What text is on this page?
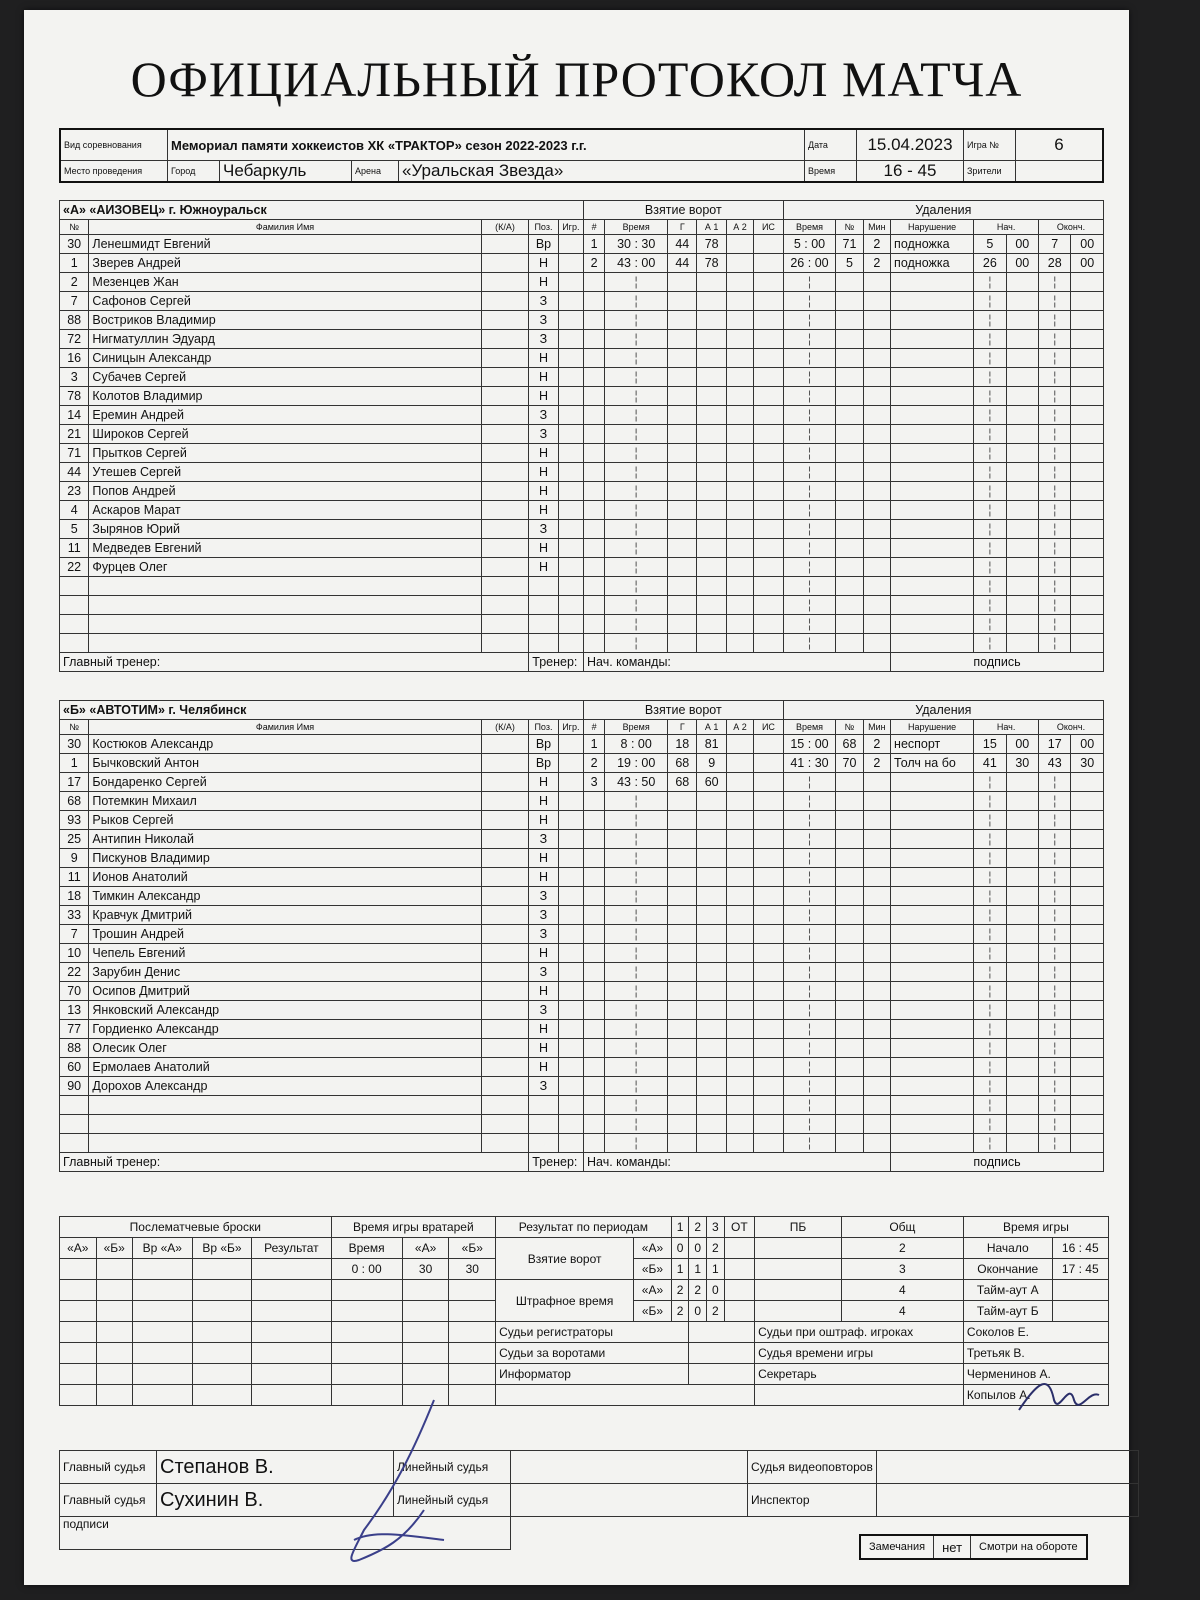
ОФИЦИАЛЬНЫЙ ПРОТОКОЛ МАТЧА
Вид соревнования	Мемориал памяти хоккеистов ХК «ТРАКТОР» сезон 2022-2023 г.г.				Дата	15.04.2023	Игра №	6
Место проведения	Город	Чебаркуль	Арена	«Уральская Звезда»	Время	16 - 45	Зрители	
«А» «АИЗОВЕЦ» г. Южноуральск					Взятие ворот						Удаления							
№	Фамилия Имя	(К/А)	Поз.	Игр.	#	Время	Г	А 1	А 2	ИС	Время	№	Мин	Нарушение	Нач.		Оконч.
30	Ленешмидт Евгений		Вр		1	30 : 30	44	78			5 : 00	71	2	подножка	5	00	7	00
1	Зверев Андрей		Н		2	43 : 00	44	78			26 : 00	5	2	подножка	26	00	28	00
2	Мезенцев Жан		Н			¦					¦				¦		¦	
7	Сафонов Сергей		З			¦					¦				¦		¦	
88	Востриков Владимир		З			¦					¦				¦		¦	
72	Нигматуллин Эдуард		З			¦					¦				¦		¦	
16	Синицын Александр		Н			¦					¦				¦		¦	
3	Субачев Сергей		Н			¦					¦				¦		¦	
78	Колотов Владимир		Н			¦					¦				¦		¦	
14	Еремин Андрей		З			¦					¦				¦		¦	
21	Широков Сергей		З			¦					¦				¦		¦	
71	Прытков Сергей		Н			¦					¦				¦		¦	
44	Утешев Сергей		Н			¦					¦				¦		¦	
23	Попов Андрей		Н			¦					¦				¦		¦	
4	Аскаров Марат		Н			¦					¦				¦		¦	
5	Зырянов Юрий		З			¦					¦				¦		¦	
11	Медведев Евгений		Н			¦					¦				¦		¦	
22	Фурцев Олег		Н			¦					¦				¦		¦	
						¦					¦				¦		¦	
						¦					¦				¦		¦	
						¦					¦				¦		¦	
						¦					¦				¦		¦	
Главный тренер:			Тренер:		Нач. команды:									подпись				
«Б» «АВТОТИМ» г. Челябинск					Взятие ворот						Удаления							
№	Фамилия Имя	(К/А)	Поз.	Игр.	#	Время	Г	А 1	А 2	ИС	Время	№	Мин	Нарушение	Нач.		Оконч.
30	Костюков Александр		Вр		1	8 : 00	18	81			15 : 00	68	2	неспорт	15	00	17	00
1	Бычковский Антон		Вр		2	19 : 00	68	9			41 : 30	70	2	Толч на бо	41	30	43	30
17	Бондаренко Сергей		Н		3	43 : 50	68	60			¦				¦		¦	
68	Потемкин Михаил		Н			¦					¦				¦		¦	
93	Рыков Сергей		Н			¦					¦				¦		¦	
25	Антипин Николай		З			¦					¦				¦		¦	
9	Пискунов Владимир		Н			¦					¦				¦		¦	
11	Ионов Анатолий		Н			¦					¦				¦		¦	
18	Тимкин Александр		З			¦					¦				¦		¦	
33	Кравчук Дмитрий		З			¦					¦				¦		¦	
7	Трошин Андрей		З			¦					¦				¦		¦	
10	Чепель Евгений		Н			¦					¦				¦		¦	
22	Зарубин Денис		З			¦					¦				¦		¦	
70	Осипов Дмитрий		Н			¦					¦				¦		¦	
13	Янковский Александр		З			¦					¦				¦		¦	
77	Гордиенко Александр		Н			¦					¦				¦		¦	
88	Олесик Олег		Н			¦					¦				¦		¦	
60	Ермолаев Анатолий		Н			¦					¦				¦		¦	
90	Дорохов Александр		З			¦					¦				¦		¦	
						¦					¦				¦		¦	
						¦					¦				¦		¦	
						¦					¦				¦		¦	
Главный тренер:			Тренер:		Нач. команды:									подпись				
Послематчевые броски					Время игры вратарей			Результат по периодам		1	2	3	ОТ	ПБ	Общ	Время игры	
«А»	«Б»	Вр «А»	Вр «Б»	Результат	Время	«А»	«Б»	Взятие ворот	«А»	0	0	2			2	Начало	16 : 45
					0 : 00	30	30		«Б»	1	1	1			3	Окончание	17 : 45
								Штрафное время	«А»	2	2	0			4	Тайм-аут А	
									«Б»	2	0	2			4	Тайм-аут Б	
								Судьи регистраторы						Судьи при оштраф. игроках		Соколов Е.	
								Судьи за воротами						Судья времени игры		Третьяк В.	
								Информатор						Секретарь		Черменинов А.	
																Копылов А.	
Главный судья	Степанов В.	Линейный судья		Судья видеоповторов	
Главный судья	Сухинин В.	Линейный судья		Инспектор	
подписи					
Замечания	нет	Смотри на обороте
